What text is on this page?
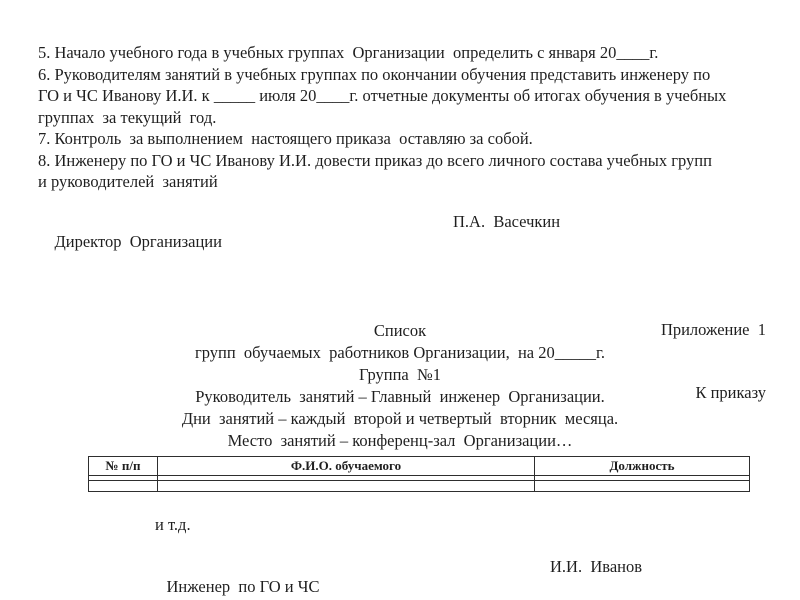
5. Начало учебного года в учебных группах  Организации  определить с января 20____г.
6. Руководителям занятий в учебных группах по окончании обучения представить инженеру по
ГО и ЧС Иванову И.И. к _____ июля 20____г. отчетные документы об итогах обучения в учебных
группах  за текущий  год.
7. Контроль  за выполнением  настоящего приказа  оставляю за собой.
8. Инженеру по ГО и ЧС Иванову И.И. довести приказ до всего личного состава учебных групп
и руководителей  занятий

Директор  Организации

П.А.  Васечкин

Приложение  1

К приказу

Список
групп  обучаемых  работников Организации,  на 20_____г.
Группа  №1
Руководитель  занятий – Главный  инженер  Организации.
Дни  занятий – каждый  второй и четвертый  вторник  месяца.
Место  занятий – конференц-зал  Организации…
№ п/п	Ф.И.О. обучаемого	Должность

и т.д.

Инженер  по ГО и ЧС

И.И.  Иванов
